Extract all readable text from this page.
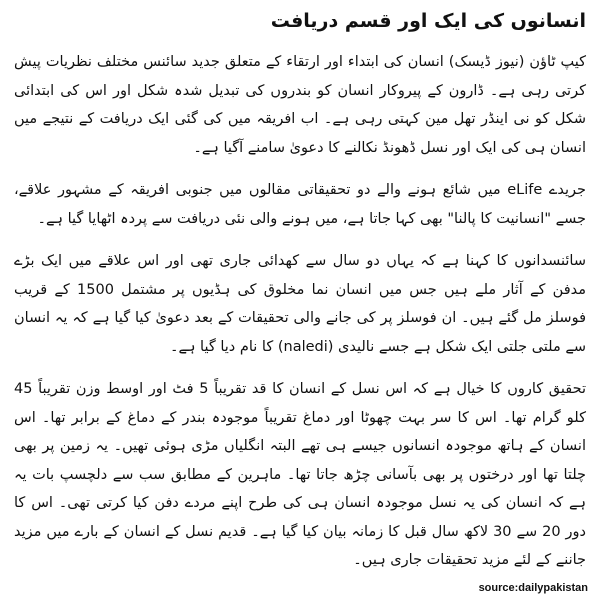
انسانوں کی ایک اور قسم دریافت

کیپ ٹاؤن (نیوز ڈیسک) انسان کی ابتداء اور ارتقاء کے متعلق جدید سائنس مختلف نظریات پیش کرتی رہی ہے۔ ڈارون کے پیروکار انسان کو بندروں کی تبدیل شدہ شکل اور اس کی ابتدائی شکل کو نی اینڈر تھل مین کہتی رہی ہے۔ اب افریقہ میں کی گئی ایک دریافت کے نتیجے میں انسان ہی کی ایک اور نسل ڈھونڈ نکالنے کا دعویٰ سامنے آگیا ہے۔

جریدے eLife میں شائع ہونے والے دو تحقیقاتی مقالوں میں جنوبی افریقہ کے مشہور علاقے، جسے "انسانیت کا پالنا" بھی کہا جاتا ہے، میں ہونے والی نئی دریافت سے پردہ اٹھایا گیا ہے۔

سائنسدانوں کا کہنا ہے کہ یہاں دو سال سے کھدائی جاری تھی اور اس علاقے میں ایک بڑے مدفن کے آثار ملے ہیں جس میں انسان نما مخلوق کی ہڈیوں پر مشتمل 1500 کے قریب فوسلز مل گئے ہیں۔ ان فوسلز پر کی جانے والی تحقیقات کے بعد دعویٰ کیا گیا ہے کہ یہ انسان سے ملتی جلتی ایک شکل ہے جسے نالیدی (naledi) کا نام دیا گیا ہے۔

تحقیق کاروں کا خیال ہے کہ اس نسل کے انسان کا قد تقریباً 5 فٹ اور اوسط وزن تقریباً 45 کلو گرام تھا۔ اس کا سر بہت چھوٹا اور دماغ تقریباً موجودہ بندر کے دماغ کے برابر تھا۔ اس انسان کے ہاتھ موجودہ انسانوں جیسے ہی تھے البتہ انگلیاں مڑی ہوئی تھیں۔ یہ زمین پر بھی چلتا تھا اور درختوں پر بھی بآسانی چڑھ جاتا تھا۔ ماہرین کے مطابق سب سے دلچسپ بات یہ ہے کہ انسان کی یہ نسل موجودہ انسان ہی کی طرح اپنے مردے دفن کیا کرتی تھی۔ اس کا دور 20 سے 30 لاکھ سال قبل کا زمانہ بیان کیا گیا ہے۔ قدیم نسل کے انسان کے بارے میں مزید جاننے کے لئے مزید تحقیقات جاری ہیں۔

source:dailypakistan
